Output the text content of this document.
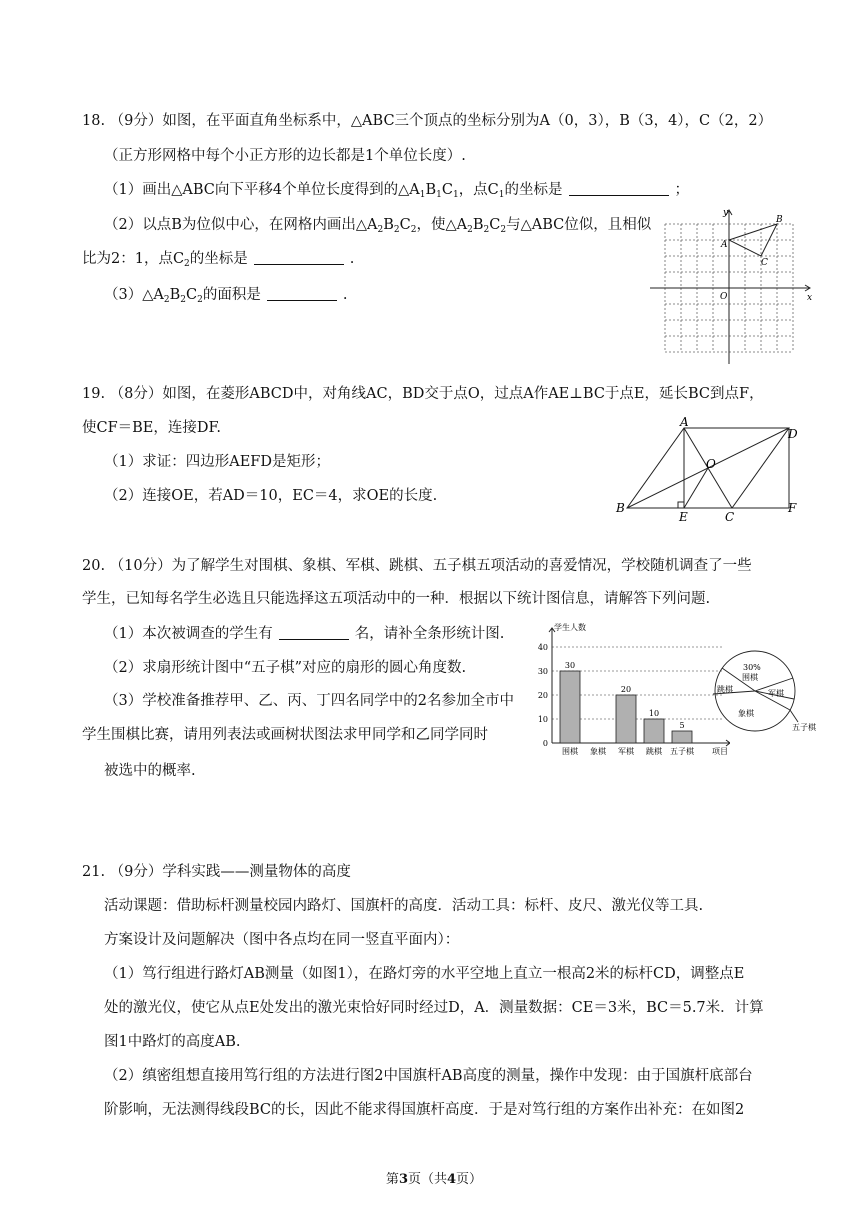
18. （9分）如图，在平面直角坐标系中，△ABC三个顶点的坐标分别为A（0，3），B（3，4），C（2，2）
（正方形网格中每个小正方形的边长都是1个单位长度）.
（1）画出△ABC向下平移4个单位长度得到的$\triangle A_1B_1C_1$，点$C_1$的坐标是	；
（2）以点B为位似中心，在网格内画出$\triangle A_2B_2C_2$，使$\triangle A_2B_2C_2$与△ABC位似，且相似
比为2：1，点$C_2$的坐标是	.
$(3)\triangle A_2B_2C_2$的面积是	.
y
x
O
A
B
C
19. （8分）如图，在菱形ABCD中，对角线AC，BD交于点O，过点A作AE⊥BC于点E，延长BC到点F，
使CF＝BE，连接DF.
（1）求证：四边形AEFD是矩形；
（2）连接OE，若AD＝10，EC＝4，求OE的长度.
A
D
O
B
E	C
F
20. （10分）为了解学生对围棋、象棋、军棋、跳棋、五子棋五项活动的喜爱情况，学校随机调查了一些
学生，已知每名学生必选且只能选择这五项活动中的一种．根据以下统计图信息，请解答下列问题.
（1）本次被调查的学生有	名，请补全条形统计图.
（2）求扇形统计图中“五子棋”对应的扇形的圆心角度数.
（3）学校准备推荐甲、乙、丙、丁四名同学中的2名参加全市中
学生围棋比赛，请用列表法或画树状图法求甲同学和乙同学同时
被选中的概率.
0
10
20
30
40
学生人数
项目
围棋
30
象棋 军棋
20
跳棋
10
五子棋
5
30%
围棋
军棋
跳棋
象棋
五子棋
21. （9分）学科实践——测量物体的高度
活动课题：借助标杆测量校园内路灯、国旗杆的高度．活动工具：标杆、皮尺、激光仪等工具.
方案设计及问题解决（图中各点均在同一竖直平面内）：
（1）笃行组进行路灯AB测量（如图1），在路灯旁的水平空地上直立一根高2米的标杆CD，调整点E
处的激光仪，使它从点E处发出的激光束恰好同时经过D，A．测量数据：CE＝3米，BC＝5.7米．计算
图1中路灯的高度AB.
（2）缜密组想直接用笃行组的方法进行图2中国旗杆AB高度的测量，操作中发现：由于国旗杆底部台
阶影响，无法测得线段BC的长，因此不能求得国旗杆高度．于是对笃行组的方案作出补充：在如图2
第3页（共4页）
